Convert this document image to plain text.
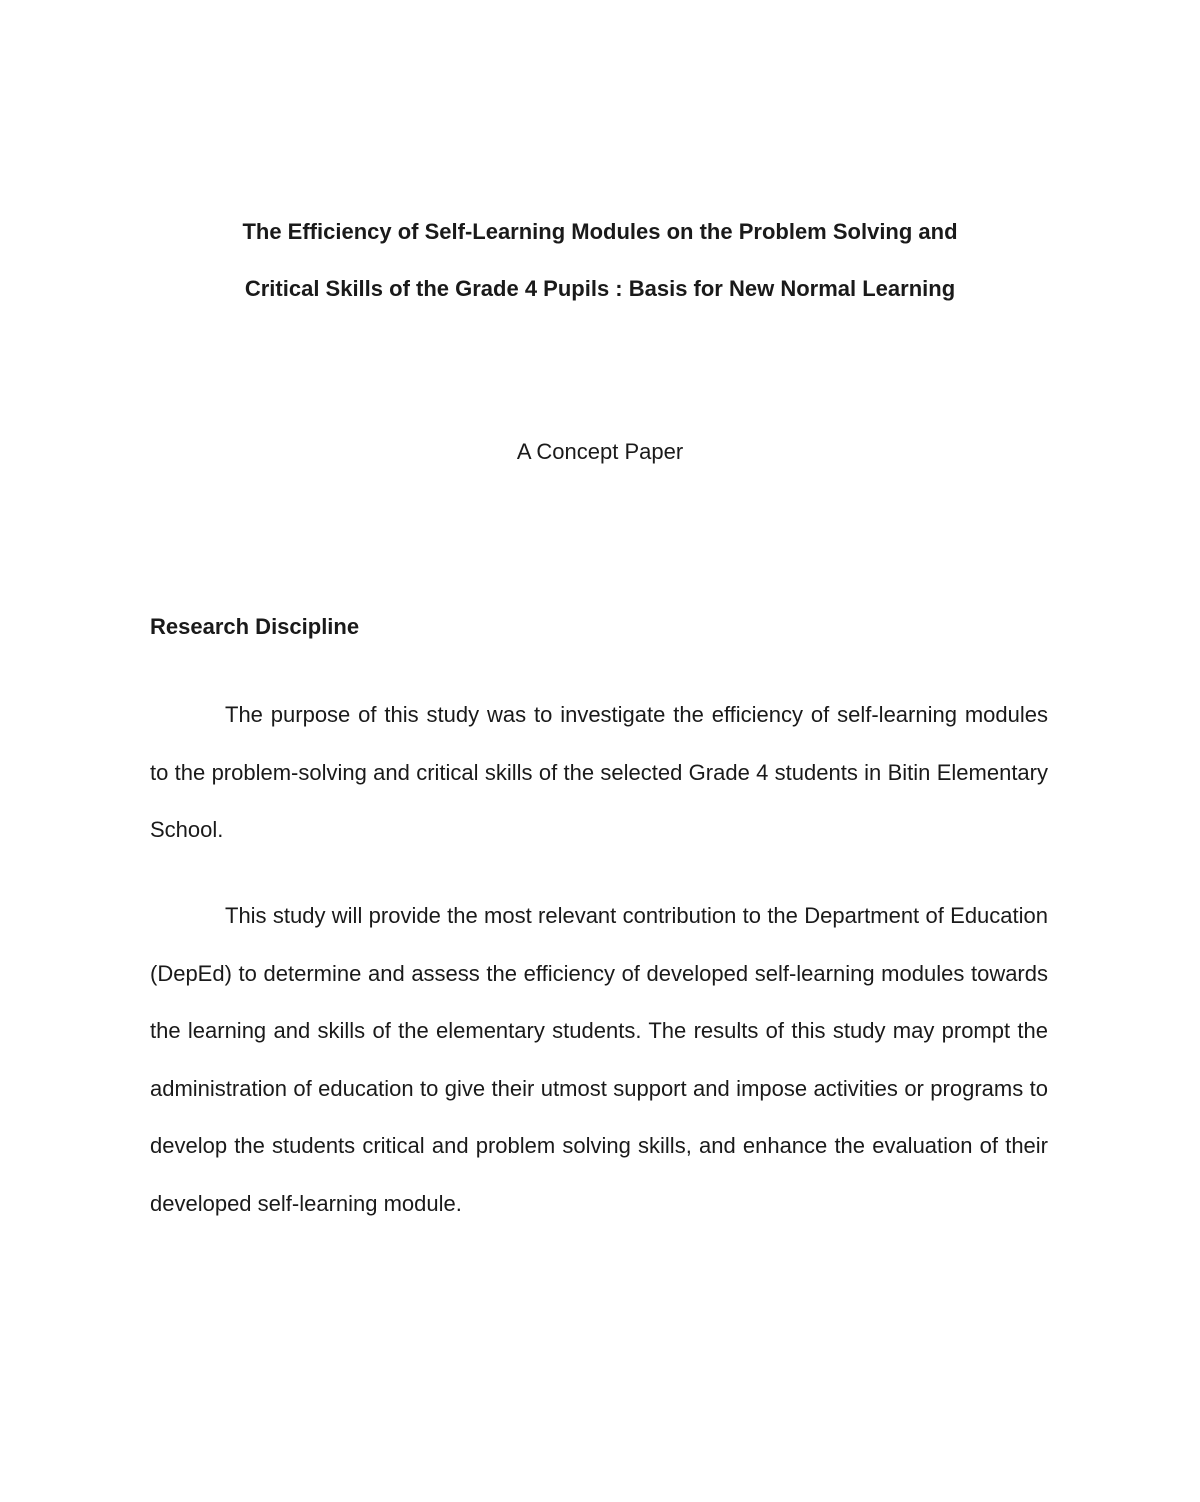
The Efficiency of Self-Learning Modules on the Problem Solving and

Critical Skills of the Grade 4 Pupils : Basis for New Normal Learning

A Concept Paper

Research Discipline

The purpose of this study was to investigate the efficiency of self-learning modules to the problem-solving and critical skills of the selected Grade 4 students in Bitin Elementary School.

This study will provide the most relevant contribution to the Department of Education (DepEd) to determine and assess the efficiency of developed self-learning modules towards the learning and skills of the elementary students. The results of this study may prompt the administration of education to give their utmost support and impose activities or programs to develop the students critical and problem solving skills, and enhance the evaluation of their developed self-learning module.
